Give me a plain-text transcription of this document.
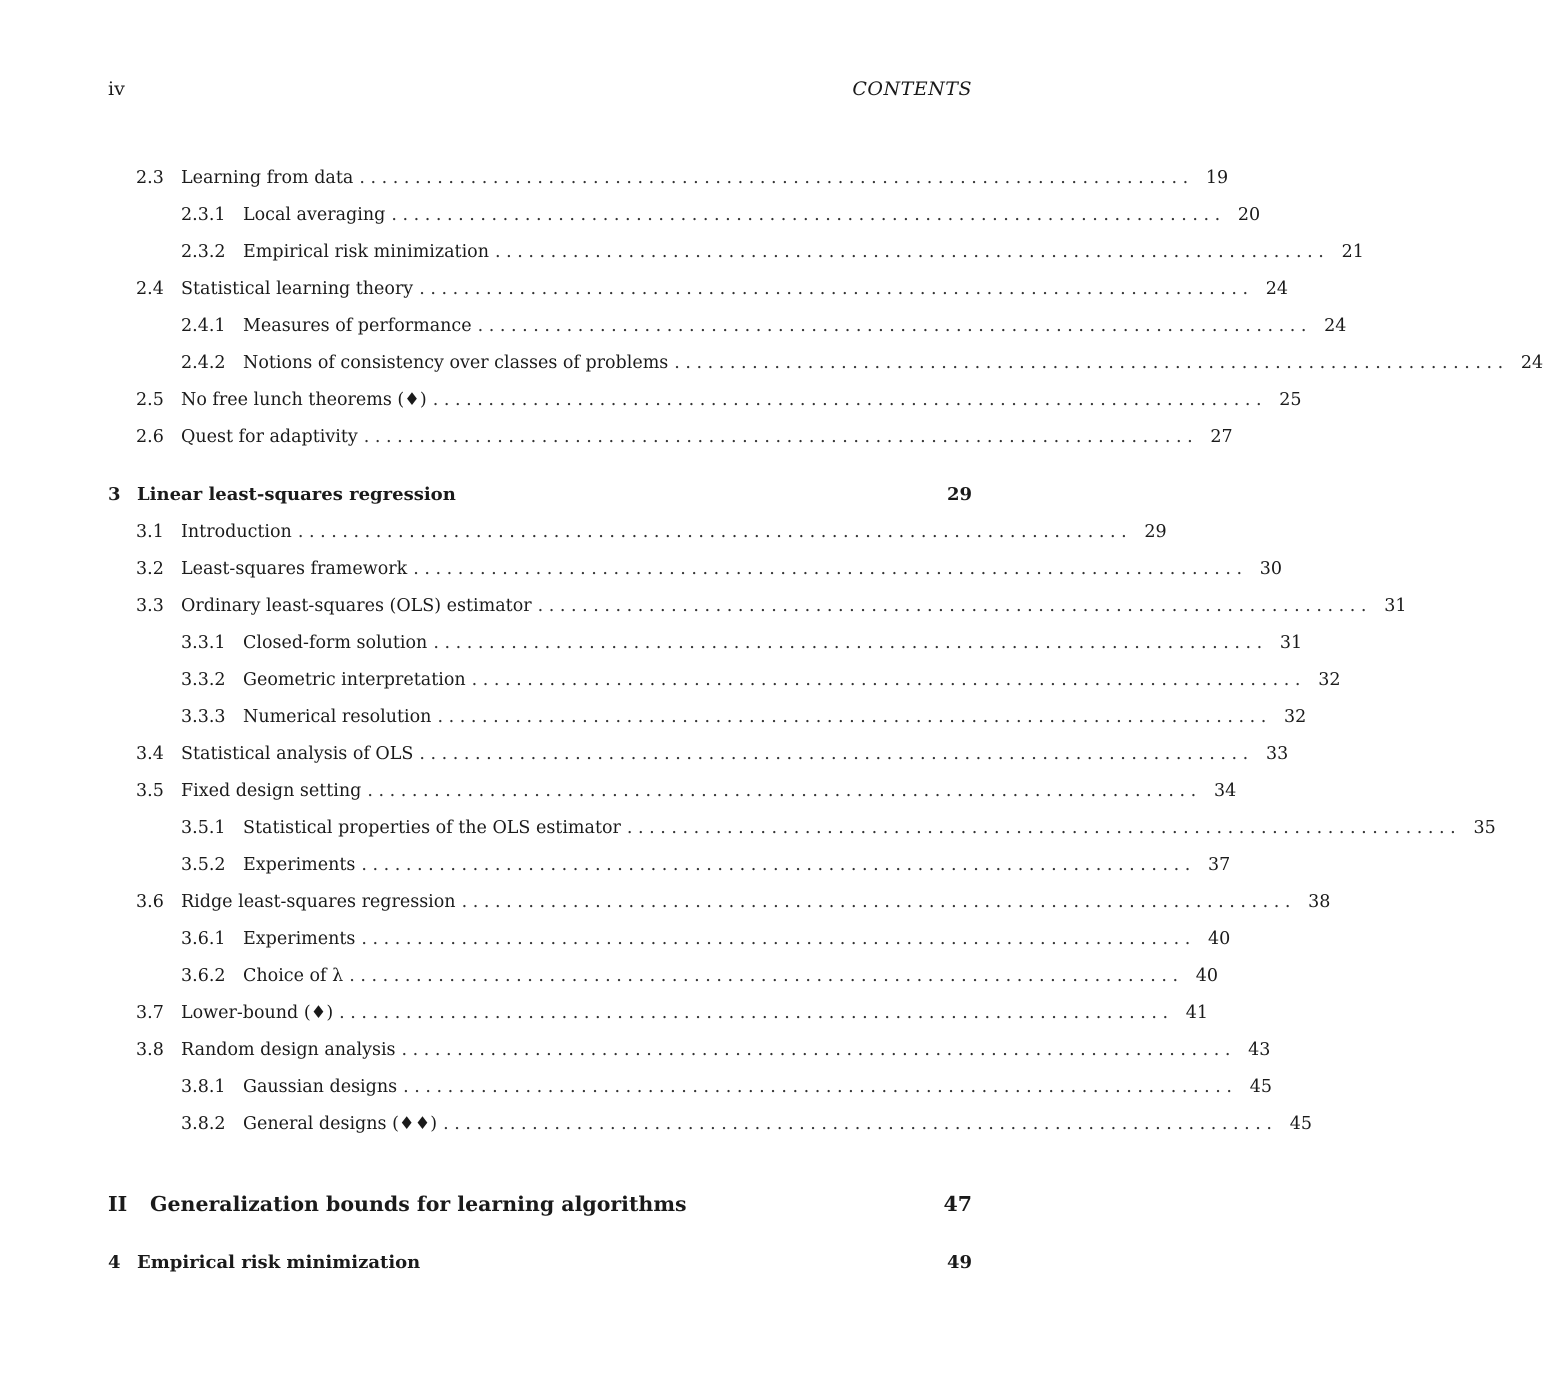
iv	CONTENTS
2.3 Learning from data . . . . . . . . . . . . . . . . . . . . . . . . . . . . . . . . . . . . . . . . . . . . . . . . . . . . . . . . . . . . . . . . . . . . . . . . . . .	19
2.3.1 Local averaging . . . . . . . . . . . . . . . . . . . . . . . . . . . . . . . . . . . . . . . . . . . . . . . . . . . . . . . . . . . . . . . . . . . . . . . . . . .	20
2.3.2 Empirical risk minimization . . . . . . . . . . . . . . . . . . . . . . . . . . . . . . . . . . . . . . . . . . . . . . . . . . . . . . . . . . . . . . . . . . . . . . . . . . .	21
2.4 Statistical learning theory . . . . . . . . . . . . . . . . . . . . . . . . . . . . . . . . . . . . . . . . . . . . . . . . . . . . . . . . . . . . . . . . . . . . . . . . . . .	24
2.4.1 Measures of performance . . . . . . . . . . . . . . . . . . . . . . . . . . . . . . . . . . . . . . . . . . . . . . . . . . . . . . . . . . . . . . . . . . . . . . . . . . .	24
2.4.2 Notions of consistency over classes of problems . . . . . . . . . . . . . . . . . . . . . . . . . . . . . . . . . . . . . . . . . . . . . . . . . . . . . . . . . . . . . . . . . . . . . . . . . . .	24
2.5 No free lunch theorems (♦) . . . . . . . . . . . . . . . . . . . . . . . . . . . . . . . . . . . . . . . . . . . . . . . . . . . . . . . . . . . . . . . . . . . . . . . . . . .	25
2.6 Quest for adaptivity . . . . . . . . . . . . . . . . . . . . . . . . . . . . . . . . . . . . . . . . . . . . . . . . . . . . . . . . . . . . . . . . . . . . . . . . . . .	27
3 Linear least-squares regression	29
3.1 Introduction . . . . . . . . . . . . . . . . . . . . . . . . . . . . . . . . . . . . . . . . . . . . . . . . . . . . . . . . . . . . . . . . . . . . . . . . . . .	29
3.2 Least-squares framework . . . . . . . . . . . . . . . . . . . . . . . . . . . . . . . . . . . . . . . . . . . . . . . . . . . . . . . . . . . . . . . . . . . . . . . . . . .	30
3.3 Ordinary least-squares (OLS) estimator . . . . . . . . . . . . . . . . . . . . . . . . . . . . . . . . . . . . . . . . . . . . . . . . . . . . . . . . . . . . . . . . . . . . . . . . . . .	31
3.3.1 Closed-form solution . . . . . . . . . . . . . . . . . . . . . . . . . . . . . . . . . . . . . . . . . . . . . . . . . . . . . . . . . . . . . . . . . . . . . . . . . . .	31
3.3.2 Geometric interpretation . . . . . . . . . . . . . . . . . . . . . . . . . . . . . . . . . . . . . . . . . . . . . . . . . . . . . . . . . . . . . . . . . . . . . . . . . . .	32
3.3.3 Numerical resolution . . . . . . . . . . . . . . . . . . . . . . . . . . . . . . . . . . . . . . . . . . . . . . . . . . . . . . . . . . . . . . . . . . . . . . . . . . .	32
3.4 Statistical analysis of OLS . . . . . . . . . . . . . . . . . . . . . . . . . . . . . . . . . . . . . . . . . . . . . . . . . . . . . . . . . . . . . . . . . . . . . . . . . . .	33
3.5 Fixed design setting . . . . . . . . . . . . . . . . . . . . . . . . . . . . . . . . . . . . . . . . . . . . . . . . . . . . . . . . . . . . . . . . . . . . . . . . . . .	34
3.5.1 Statistical properties of the OLS estimator . . . . . . . . . . . . . . . . . . . . . . . . . . . . . . . . . . . . . . . . . . . . . . . . . . . . . . . . . . . . . . . . . . . . . . . . . . .	35
3.5.2 Experiments . . . . . . . . . . . . . . . . . . . . . . . . . . . . . . . . . . . . . . . . . . . . . . . . . . . . . . . . . . . . . . . . . . . . . . . . . . .	37
3.6 Ridge least-squares regression . . . . . . . . . . . . . . . . . . . . . . . . . . . . . . . . . . . . . . . . . . . . . . . . . . . . . . . . . . . . . . . . . . . . . . . . . . .	38
3.6.1 Experiments . . . . . . . . . . . . . . . . . . . . . . . . . . . . . . . . . . . . . . . . . . . . . . . . . . . . . . . . . . . . . . . . . . . . . . . . . . .	40
3.6.2 Choice of λ . . . . . . . . . . . . . . . . . . . . . . . . . . . . . . . . . . . . . . . . . . . . . . . . . . . . . . . . . . . . . . . . . . . . . . . . . . .	40
3.7 Lower-bound (♦) . . . . . . . . . . . . . . . . . . . . . . . . . . . . . . . . . . . . . . . . . . . . . . . . . . . . . . . . . . . . . . . . . . . . . . . . . . .	41
3.8 Random design analysis . . . . . . . . . . . . . . . . . . . . . . . . . . . . . . . . . . . . . . . . . . . . . . . . . . . . . . . . . . . . . . . . . . . . . . . . . . .	43
3.8.1 Gaussian designs . . . . . . . . . . . . . . . . . . . . . . . . . . . . . . . . . . . . . . . . . . . . . . . . . . . . . . . . . . . . . . . . . . . . . . . . . . .	45
3.8.2 General designs (♦♦) . . . . . . . . . . . . . . . . . . . . . . . . . . . . . . . . . . . . . . . . . . . . . . . . . . . . . . . . . . . . . . . . . . . . . . . . . . .	45
II	Generalization bounds for learning algorithms	47
4 Empirical risk minimization	49
